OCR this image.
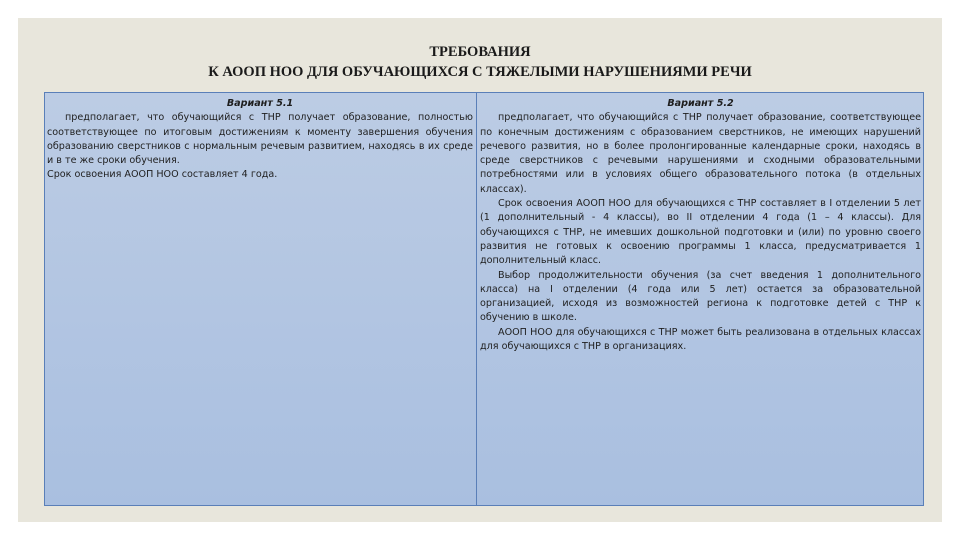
ТРЕБОВАНИЯ
К АООП НОО ДЛЯ ОБУЧАЮЩИХСЯ С ТЯЖЕЛЫМИ НАРУШЕНИЯМИ РЕЧИ
Вариант 5.1
предполагает, что обучающийся с ТНР получает образование, полностью соответствующее по итоговым достижениям к моменту завершения обучения образованию сверстников с нормальным речевым развитием, находясь в их среде и в те же сроки обучения.
Срок освоения АООП НОО составляет 4 года.
Вариант 5.2
предполагает, что обучающийся с ТНР получает образование, соответствующее по конечным достижениям с образованием сверстников, не имеющих нарушений речевого развития, но в более пролонгированные календарные сроки, находясь в среде сверстников с речевыми нарушениями и сходными образовательными потребностями или в условиях общего образовательного потока (в отдельных классах).
Срок освоения АООП НОО для обучающихся с ТНР составляет в I отделении 5 лет (1 дополнительный - 4 классы), во II отделении 4 года (1 – 4 классы). Для обучающихся с ТНР, не имевших дошкольной подготовки и (или) по уровню своего развития не готовых к освоению программы 1 класса, предусматривается 1 дополнительный класс.
Выбор продолжительности обучения (за счет введения 1 дополнительного класса) на I отделении (4 года или 5 лет) остается за образовательной организацией, исходя из возможностей региона к подготовке детей с ТНР к обучению в школе.
АООП НОО для обучающихся с ТНР может быть реализована в отдельных классах для обучающихся с ТНР в организациях.
